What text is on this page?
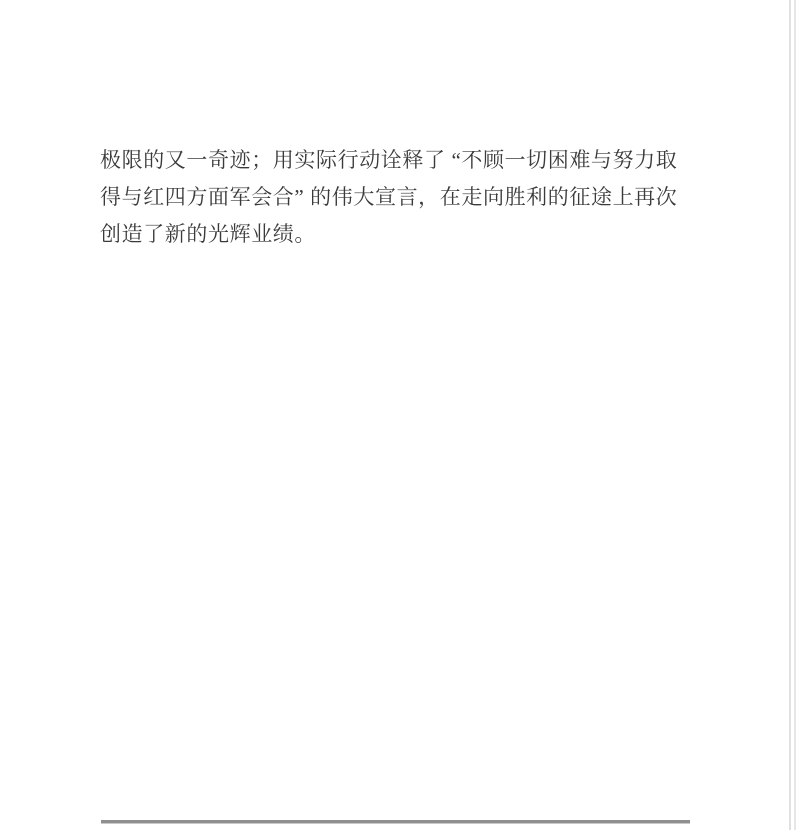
极限的又一奇迹；用实际行动诠释了 “不顾一切困难与努力取
得与红四方面军会合” 的伟大宣言，在走向胜利的征途上再次
创造了新的光辉业绩。
